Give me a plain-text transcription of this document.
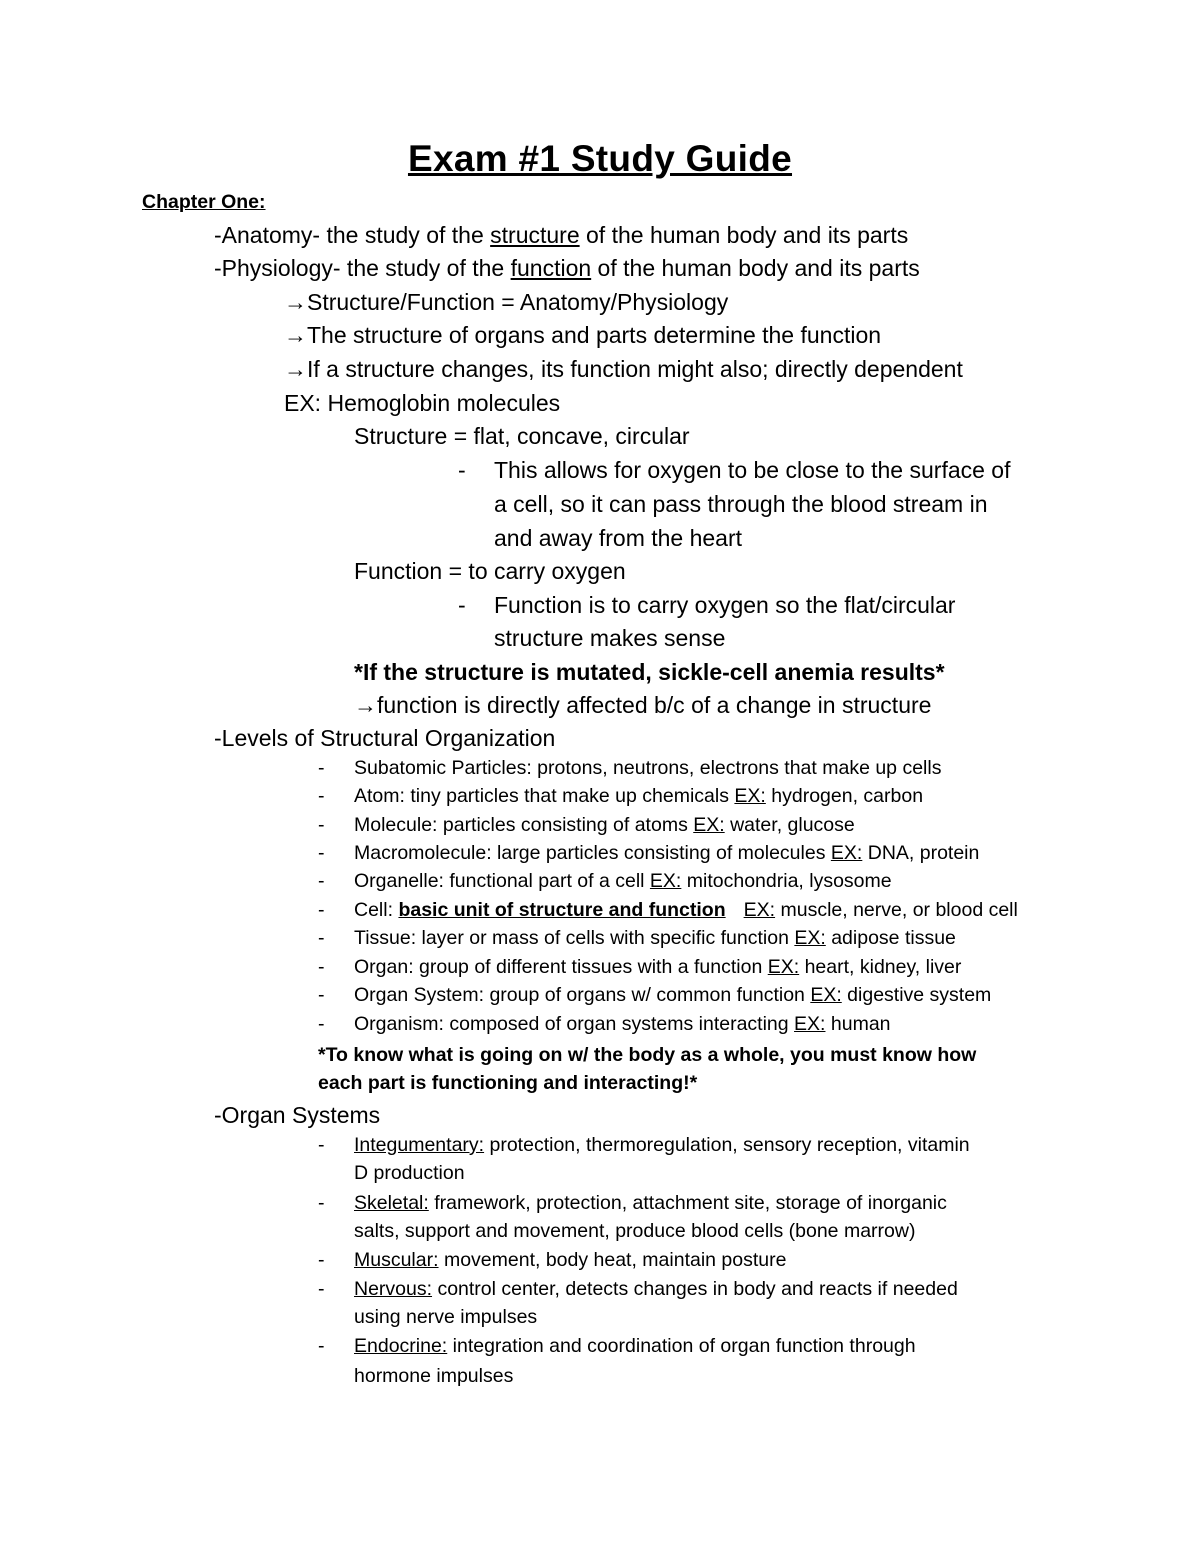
Exam #1 Study Guide
Chapter One:
-Anatomy- the study of the structure of the human body and its parts
-Physiology- the study of the function of the human body and its parts
→Structure/Function = Anatomy/Physiology
→The structure of organs and parts determine the function
→If a structure changes, its function might also; directly dependent
EX: Hemoglobin molecules
Structure = flat, concave, circular
- This allows for oxygen to be close to the surface of
a cell, so it can pass through the blood stream in
and away from the heart
Function = to carry oxygen
- Function is to carry oxygen so the flat/circular
structure makes sense
*If the structure is mutated, sickle-cell anemia results*
→function is directly affected b/c of a change in structure
-Levels of Structural Organization
- Subatomic Particles: protons, neutrons, electrons that make up cells
- Atom: tiny particles that make up chemicals EX: hydrogen, carbon
- Molecule: particles consisting of atoms EX: water, glucose
- Macromolecule: large particles consisting of molecules EX: DNA, protein
- Organelle: functional part of a cell EX: mitochondria, lysosome
- Cell: basic unit of structure and function EX: muscle, nerve, or blood cell
- Tissue: layer or mass of cells with specific function EX: adipose tissue
- Organ: group of different tissues with a function EX: heart, kidney, liver
- Organ System: group of organs w/ common function EX: digestive system
- Organism: composed of organ systems interacting EX: human
*To know what is going on w/ the body as a whole, you must know how
each part is functioning and interacting!*
-Organ Systems
- Integumentary: protection, thermoregulation, sensory reception, vitamin
D production
- Skeletal: framework, protection, attachment site, storage of inorganic
salts, support and movement, produce blood cells (bone marrow)
- Muscular: movement, body heat, maintain posture
- Nervous: control center, detects changes in body and reacts if needed
using nerve impulses
- Endocrine: integration and coordination of organ function through
hormone impulses
